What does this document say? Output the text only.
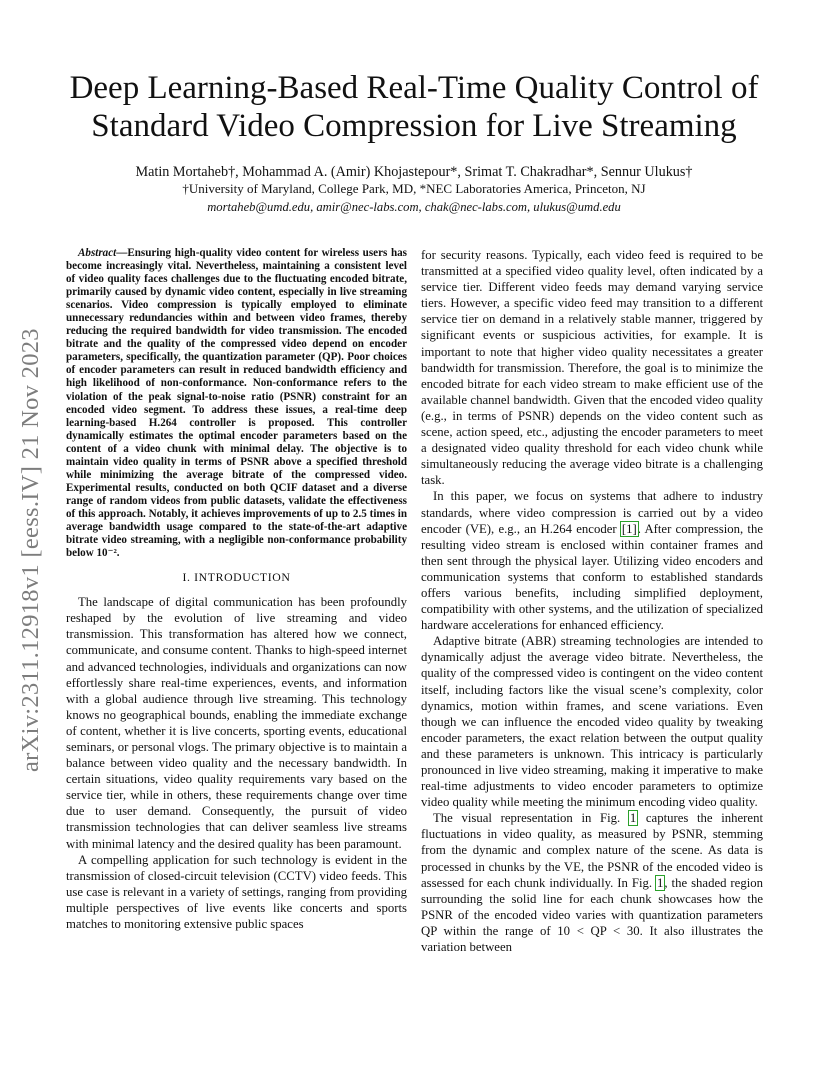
arXiv:2311.12918v1 [eess.IV] 21 Nov 2023
Deep Learning-Based Real-Time Quality Control of Standard Video Compression for Live Streaming
Matin Mortaheb†, Mohammad A. (Amir) Khojastepour*, Srimat T. Chakradhar*, Sennur Ulukus†
†University of Maryland, College Park, MD, *NEC Laboratories America, Princeton, NJ
mortaheb@umd.edu, amir@nec-labs.com, chak@nec-labs.com, ulukus@umd.edu

Abstract—Ensuring high-quality video content for wireless users has become increasingly vital. Nevertheless, maintaining a consistent level of video quality faces challenges due to the fluctuating encoded bitrate, primarily caused by dynamic video content, especially in live streaming scenarios. Video compression is typically employed to eliminate unnecessary redundancies within and between video frames, thereby reducing the required bandwidth for video transmission. The encoded bitrate and the quality of the compressed video depend on encoder parameters, specifically, the quantization parameter (QP). Poor choices of encoder parameters can result in reduced bandwidth efficiency and high likelihood of non-conformance. Non-conformance refers to the violation of the peak signal-to-noise ratio (PSNR) constraint for an encoded video segment. To address these issues, a real-time deep learning-based H.264 controller is proposed. This controller dynamically estimates the optimal encoder parameters based on the content of a video chunk with minimal delay. The objective is to maintain video quality in terms of PSNR above a specified threshold while minimizing the average bitrate of the compressed video. Experimental results, conducted on both QCIF dataset and a diverse range of random videos from public datasets, validate the effectiveness of this approach. Notably, it achieves improvements of up to 2.5 times in average bandwidth usage compared to the state-of-the-art adaptive bitrate video streaming, with a negligible non-conformance probability below 10⁻².

I. INTRODUCTION

The landscape of digital communication has been profoundly reshaped by the evolution of live streaming and video transmission. This transformation has altered how we connect, communicate, and consume content. Thanks to high-speed internet and advanced technologies, individuals and organizations can now effortlessly share real-time experiences, events, and information with a global audience through live streaming. This technology knows no geographical bounds, enabling the immediate exchange of content, whether it is live concerts, sporting events, educational seminars, or personal vlogs. The primary objective is to maintain a balance between video quality and the necessary bandwidth. In certain situations, video quality requirements vary based on the service tier, while in others, these requirements change over time due to user demand. Consequently, the pursuit of video transmission technologies that can deliver seamless live streams with minimal latency and the desired quality has been paramount.

A compelling application for such technology is evident in the transmission of closed-circuit television (CCTV) video feeds. This use case is relevant in a variety of settings, ranging from providing multiple perspectives of live events like concerts and sports matches to monitoring extensive public spaces

for security reasons. Typically, each video feed is required to be transmitted at a specified video quality level, often indicated by a service tier. Different video feeds may demand varying service tiers. However, a specific video feed may transition to a different service tier on demand in a relatively stable manner, triggered by significant events or suspicious activities, for example. It is important to note that higher video quality necessitates a greater bandwidth for transmission. Therefore, the goal is to minimize the encoded bitrate for each video stream to make efficient use of the available channel bandwidth. Given that the encoded video quality (e.g., in terms of PSNR) depends on the video content such as scene, action speed, etc., adjusting the encoder parameters to meet a designated video quality threshold for each video chunk while simultaneously reducing the average video bitrate is a challenging task.

In this paper, we focus on systems that adhere to industry standards, where video compression is carried out by a video encoder (VE), e.g., an H.264 encoder [1]. After compression, the resulting video stream is enclosed within container frames and then sent through the physical layer. Utilizing video encoders and communication systems that conform to established standards offers various benefits, including simplified deployment, compatibility with other systems, and the utilization of specialized hardware accelerations for enhanced efficiency.

Adaptive bitrate (ABR) streaming technologies are intended to dynamically adjust the average video bitrate. Nevertheless, the quality of the compressed video is contingent on the video content itself, including factors like the visual scene’s complexity, color dynamics, motion within frames, and scene variations. Even though we can influence the encoded video quality by tweaking encoder parameters, the exact relation between the output quality and these parameters is unknown. This intricacy is particularly pronounced in live video streaming, making it imperative to make real-time adjustments to video encoder parameters to optimize video quality while meeting the minimum encoding video quality.

The visual representation in Fig. 1 captures the inherent fluctuations in video quality, as measured by PSNR, stemming from the dynamic and complex nature of the scene. As data is processed in chunks by the VE, the PSNR of the encoded video is assessed for each chunk individually. In Fig. 1, the shaded region surrounding the solid line for each chunk showcases how the PSNR of the encoded video varies with quantization parameters QP within the range of 10 < QP < 30. It also illustrates the variation between
